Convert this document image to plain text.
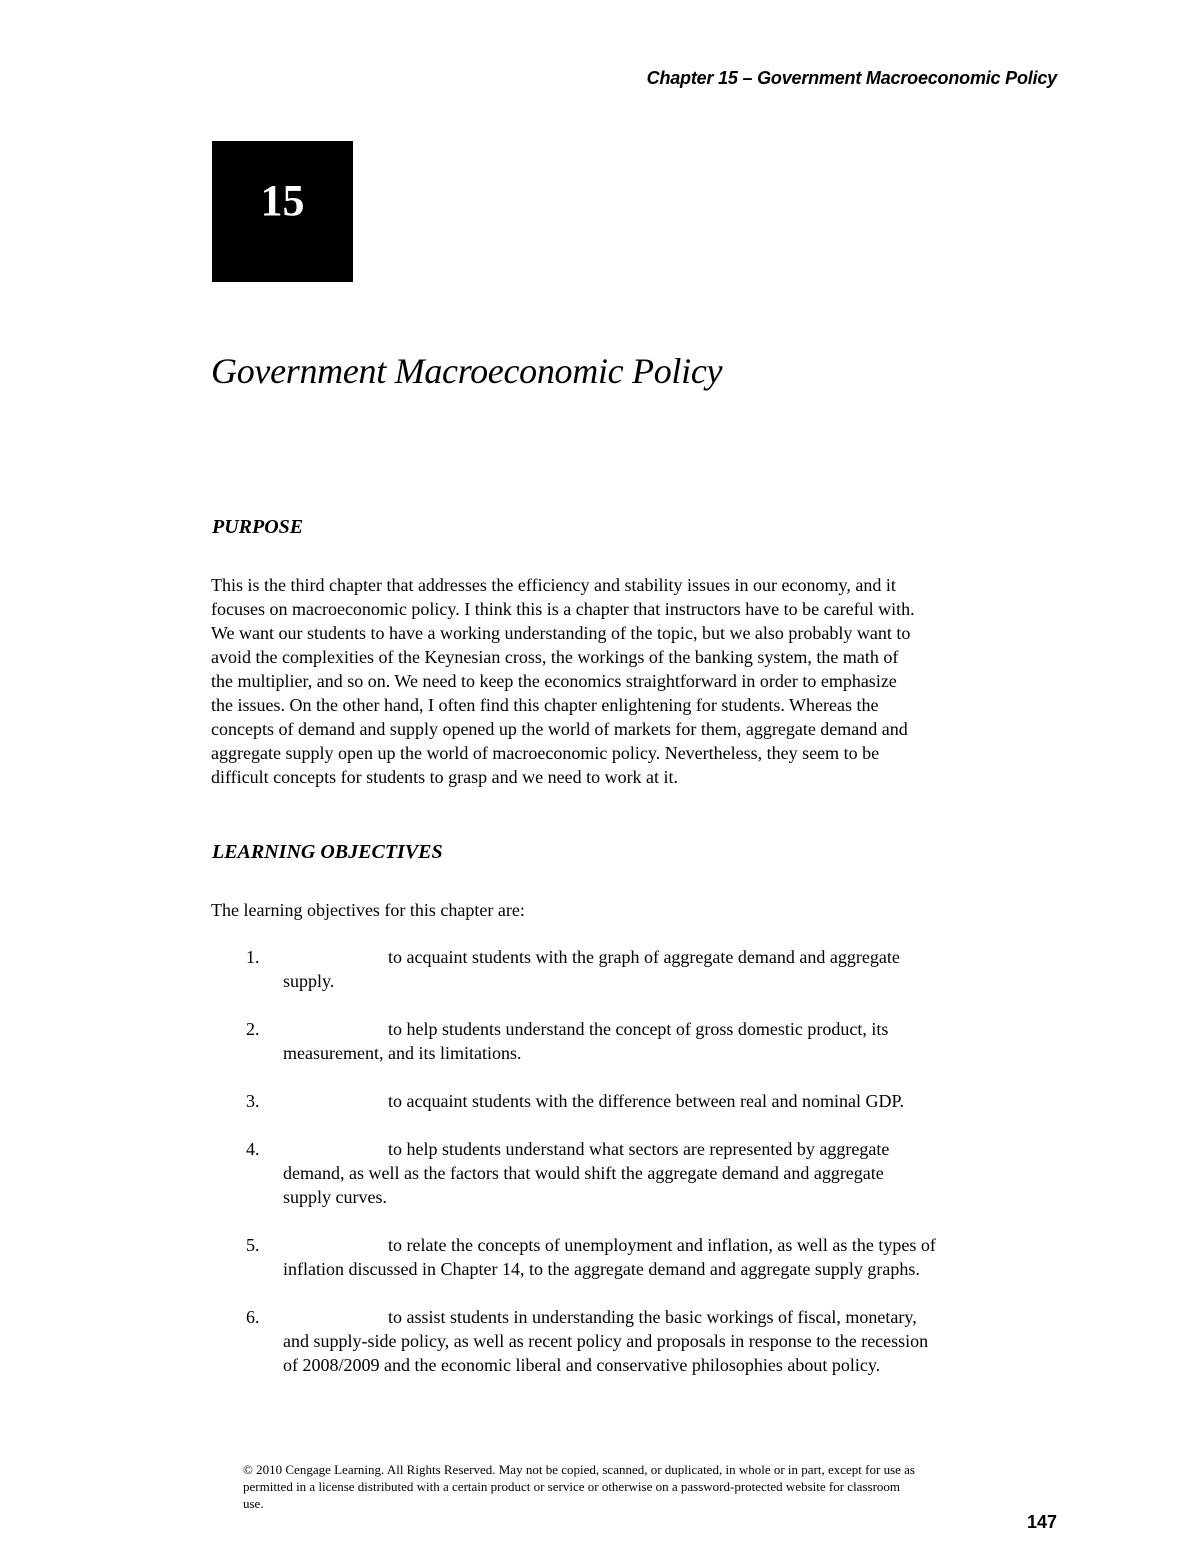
Chapter 15 – Government Macroeconomic Policy
15
Government Macroeconomic Policy
PURPOSE
This is the third chapter that addresses the efficiency and stability issues in our economy, and it
focuses on macroeconomic policy. I think this is a chapter that instructors have to be careful with.
We want our students to have a working understanding of the topic, but we also probably want to
avoid the complexities of the Keynesian cross, the workings of the banking system, the math of
the multiplier, and so on. We need to keep the economics straightforward in order to emphasize
the issues. On the other hand, I often find this chapter enlightening for students. Whereas the
concepts of demand and supply opened up the world of markets for them, aggregate demand and
aggregate supply open up the world of macroeconomic policy. Nevertheless, they seem to be
difficult concepts for students to grasp and we need to work at it.
LEARNING OBJECTIVES
The learning objectives for this chapter are:
1.	to acquaint students with the graph of aggregate demand and aggregate
supply.
2.	to help students understand the concept of gross domestic product, its
measurement, and its limitations.
3.	to acquaint students with the difference between real and nominal GDP.
4.	to help students understand what sectors are represented by aggregate
demand, as well as the factors that would shift the aggregate demand and aggregate
supply curves.
5.	to relate the concepts of unemployment and inflation, as well as the types of
inflation discussed in Chapter 14, to the aggregate demand and aggregate supply graphs.
6.	to assist students in understanding the basic workings of fiscal, monetary,
and supply-side policy, as well as recent policy and proposals in response to the recession
of 2008/2009 and the economic liberal and conservative philosophies about policy.
© 2010 Cengage Learning. All Rights Reserved. May not be copied, scanned, or duplicated, in whole or in part, except for use as
permitted in a license distributed with a certain product or service or otherwise on a password-protected website for classroom
use.
147
